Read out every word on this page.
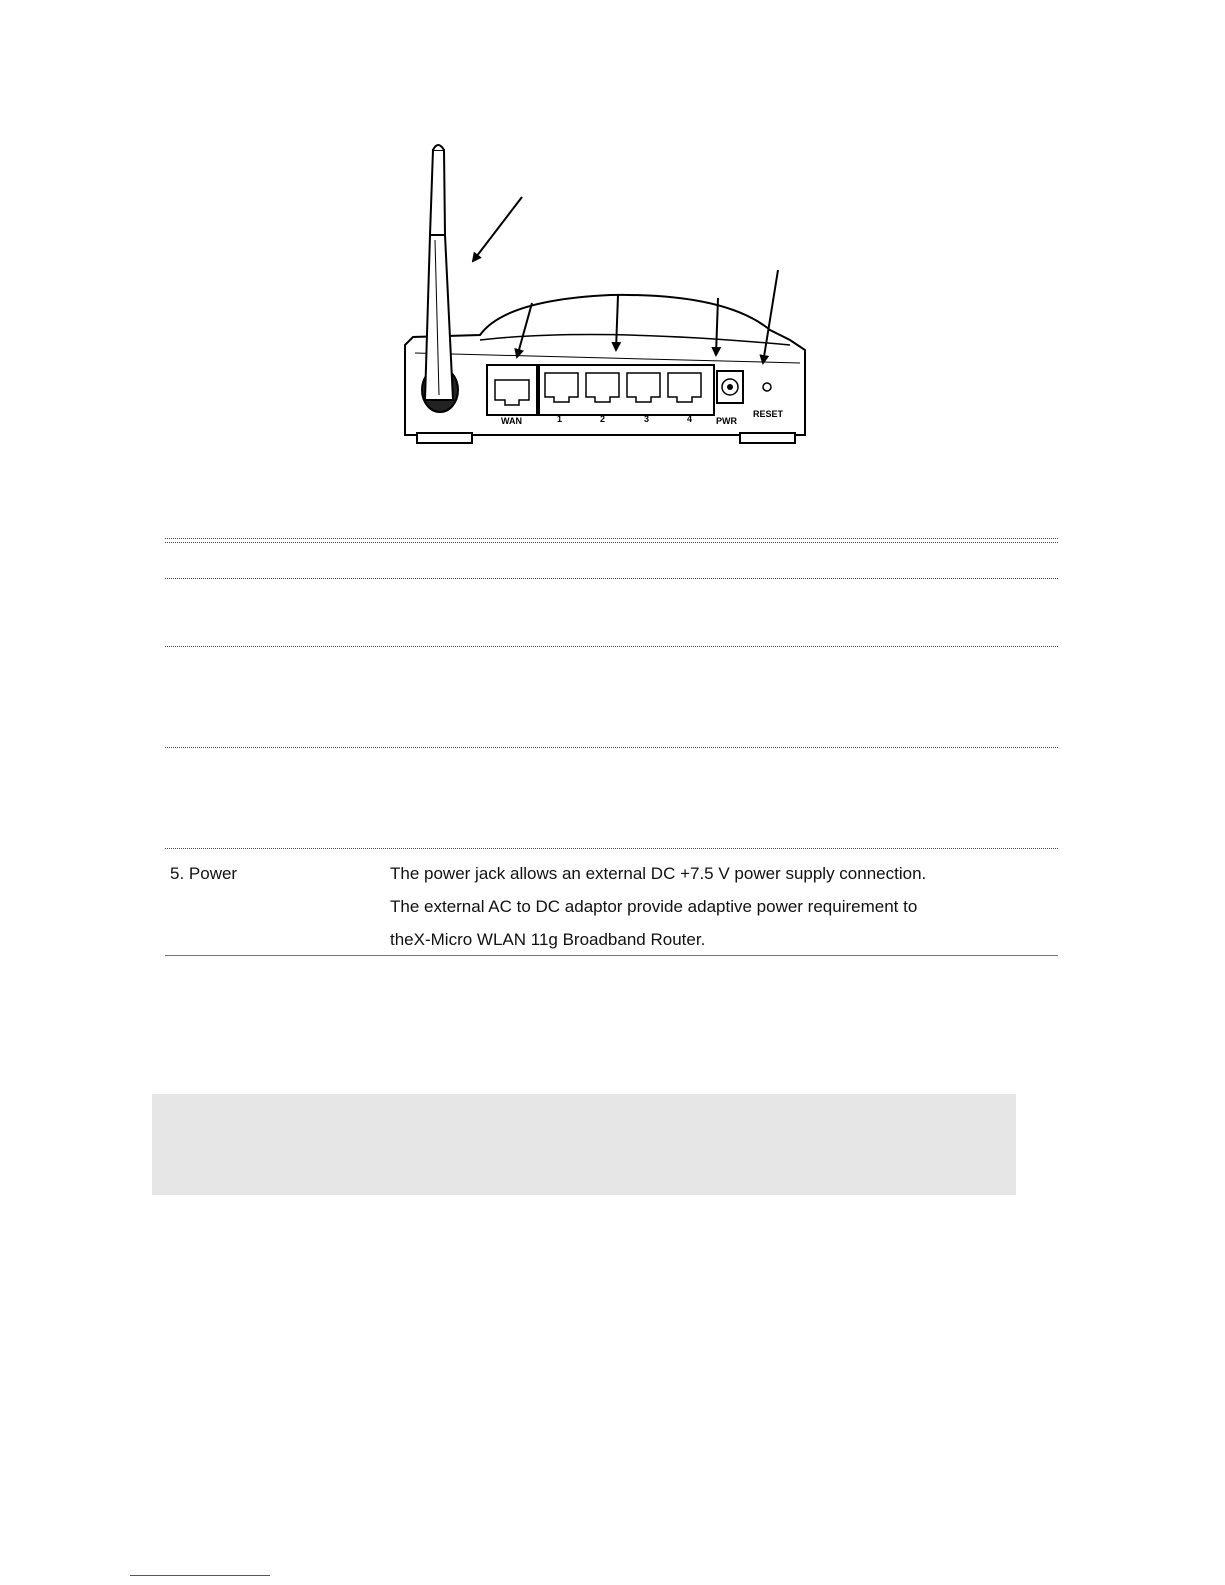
WAN	1	2	3	4	PWR
RESET
5. Power	The power jack allows an external DC +7.5 V power supply connection.
The external AC to DC adaptor provide adaptive power requirement to
theX-Micro WLAN 11g Broadband Router.
